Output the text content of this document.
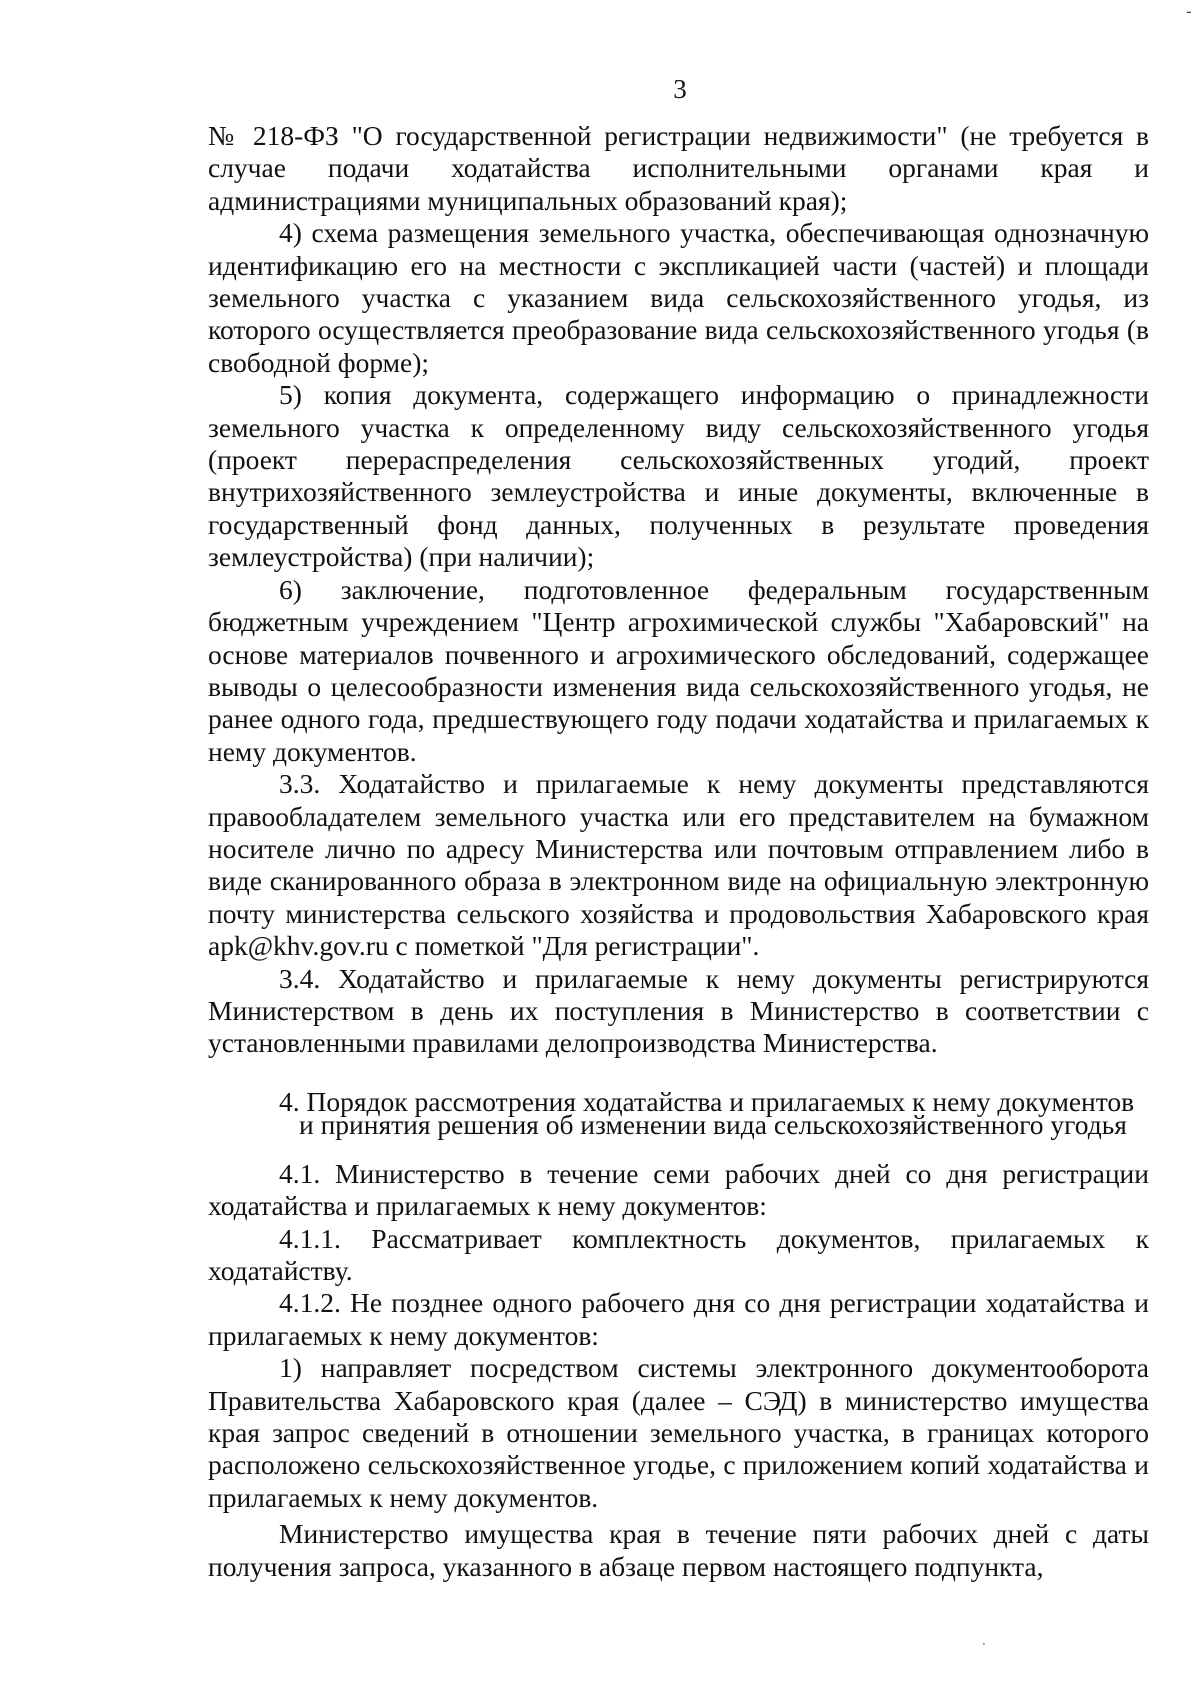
-
3

№ 218-ФЗ "О государственной регистрации недвижимости" (не требуется в случае подачи ходатайства исполнительными органами края и администрациями муниципальных образований края);

4) схема размещения земельного участка, обеспечивающая однозначную идентификацию его на местности с экспликацией части (частей) и площади земельного участка с указанием вида сельскохозяйственного угодья, из которого осуществляется преобразование вида сельскохозяйственного угодья (в свободной форме);

5) копия документа, содержащего информацию о принадлежности земельного участка к определенному виду сельскохозяйственного угодья (проект перераспределения сельскохозяйственных угодий, проект внутрихозяйственного землеустройства и иные документы, включенные в государственный фонд данных, полученных в результате проведения землеустройства) (при наличии);

6) заключение, подготовленное федеральным государственным бюджетным учреждением "Центр агрохимической службы "Хабаровский" на основе материалов почвенного и агрохимического обследований, содержащее выводы о целесообразности изменения вида сельскохозяйственного угодья, не ранее одного года, предшествующего году подачи ходатайства и прилагаемых к нему документов.

3.3. Ходатайство и прилагаемые к нему документы представляются правообладателем земельного участка или его представителем на бумажном носителе лично по адресу Министерства или почтовым отправлением либо в виде сканированного образа в электронном виде на официальную электронную почту министерства сельского хозяйства и продовольствия Хабаровского края apk@khv.gov.ru с пометкой "Для регистрации".

3.4. Ходатайство и прилагаемые к нему документы регистрируются Министерством в день их поступления в Министерство в соответствии с установленными правилами делопроизводства Министерства.

4. Порядок рассмотрения ходатайства и прилагаемых к нему документов
и принятия решения об изменении вида сельскохозяйственного угодья

4.1. Министерство в течение семи рабочих дней со дня регистрации ходатайства и прилагаемых к нему документов:

4.1.1. Рассматривает комплектность документов, прилагаемых к ходатайству.

4.1.2. Не позднее одного рабочего дня со дня регистрации ходатайства и прилагаемых к нему документов:

1) направляет посредством системы электронного документооборота Правительства Хабаровского края (далее – СЭД) в министерство имущества края запрос сведений в отношении земельного участка, в границах которого расположено сельскохозяйственное угодье, с приложением копий ходатайства и прилагаемых к нему документов.

Министерство имущества края в течение пяти рабочих дней с даты получения запроса, указанного в абзаце первом настоящего подпункта,

·
